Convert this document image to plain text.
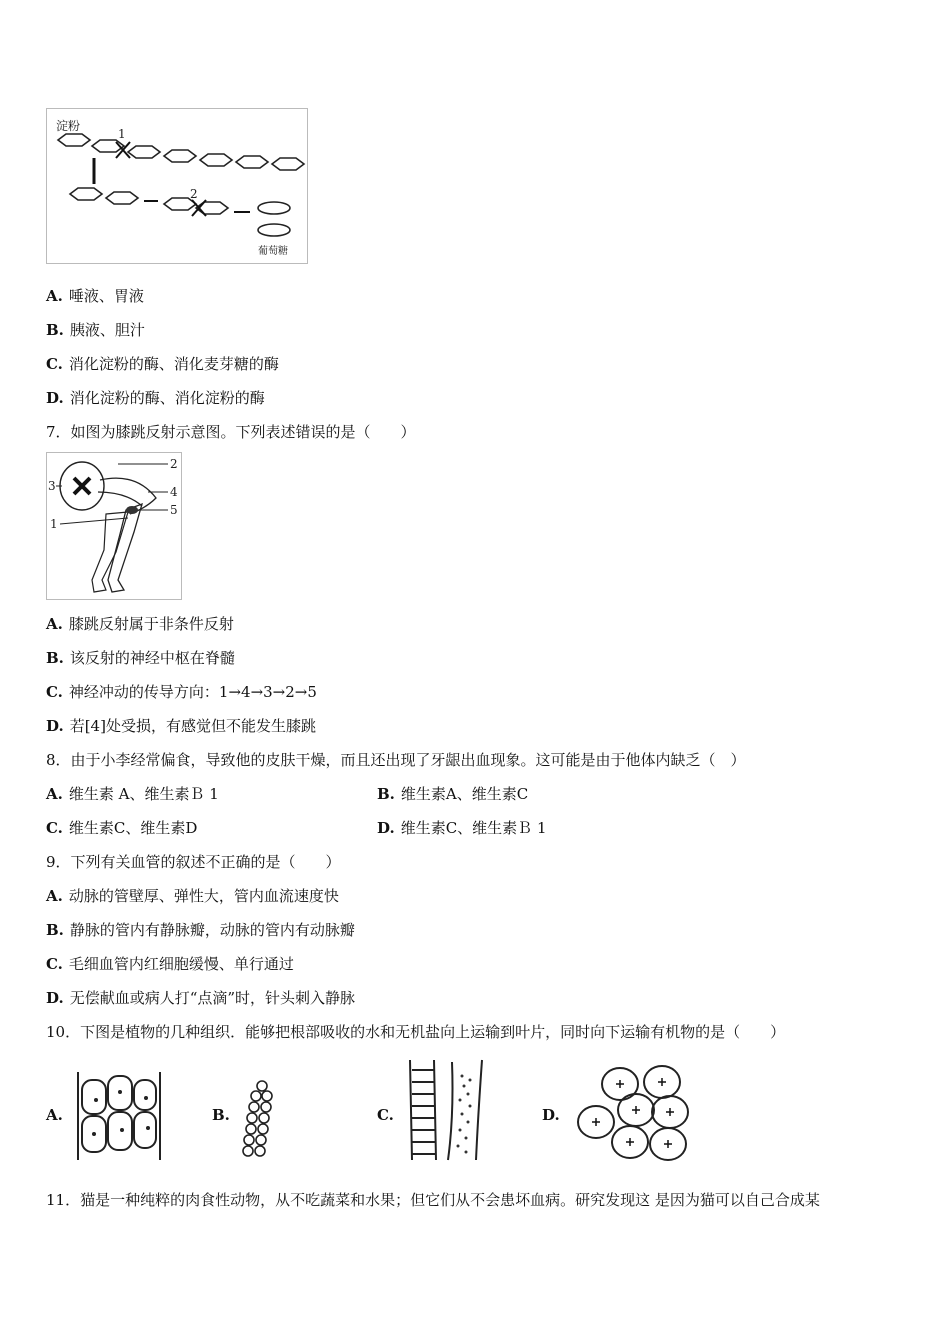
淀粉
1
2
葡萄糖
A. 唾液、胃液
B. 胰液、胆汁
C. 消化淀粉的酶、消化麦芽糖的酶
D. 消化淀粉的酶、消化淀粉的酶
7．如图为膝跳反射示意图。下列表述错误的是（　　）
3
2
4
5
1
A. 膝跳反射属于非条件反射
B. 该反射的神经中枢在脊髓
C. 神经冲动的传导方向：1→4→3→2→5
D. 若[4]处受损，有感觉但不能发生膝跳
8．由于小李经常偏食，导致他的皮肤干燥，而且还出现了牙龈出血现象。这可能是由于他体内缺乏（　）
A. 维生素 A、维生素Ｂ 1	B. 维生素A、维生素C
C. 维生素C、维生素D	D. 维生素C、维生素Ｂ 1
9．下列有关血管的叙述不正确的是（　　）
A. 动脉的管壁厚、弹性大，管内血流速度快
B. 静脉的管内有静脉瓣，动脉的管内有动脉瓣
C. 毛细血管内红细胞缓慢、单行通过
D. 无偿献血或病人打“点滴”时，针头刺入静脉
10．下图是植物的几种组织．能够把根部吸收的水和无机盐向上运输到叶片，同时向下运输有机物的是（　　）
A.	B.	C.	D.
11．猫是一种纯粹的肉食性动物，从不吃蔬菜和水果；但它们从不会患坏血病。研究发现这 是因为猫可以自己合成某
